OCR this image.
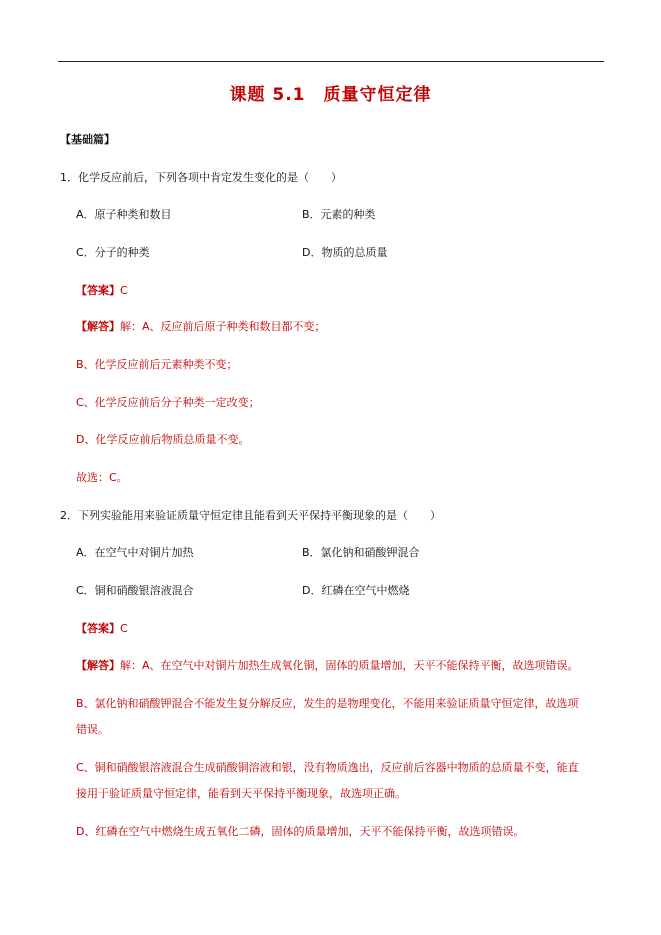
课题 5.1　质量守恒定律
【基础篇】
1．化学反应前后，下列各项中肯定发生变化的是（　　）
A．原子种类和数目	B．元素的种类
C．分子的种类	D．物质的总质量
【答案】C
【解答】解：A、反应前后原子种类和数目都不变；
B、化学反应前后元素种类不变；
C、化学反应前后分子种类一定改变；
D、化学反应前后物质总质量不变。
故选：C。
2．下列实验能用来验证质量守恒定律且能看到天平保持平衡现象的是（　　）
A．在空气中对铜片加热	B．氯化钠和硝酸钾混合
C．铜和硝酸银溶液混合	D．红磷在空气中燃烧
【答案】C
【解答】解：A、在空气中对铜片加热生成氧化铜，固体的质量增加，天平不能保持平衡，故选项错误。
B、氯化钠和硝酸钾混合不能发生复分解反应，发生的是物理变化，不能用来验证质量守恒定律，故选项
错误。
C、铜和硝酸银溶液混合生成硝酸铜溶液和银，没有物质逸出，反应前后容器中物质的总质量不变，能直
接用于验证质量守恒定律，能看到天平保持平衡现象，故选项正确。
D、红磷在空气中燃烧生成五氧化二磷，固体的质量增加，天平不能保持平衡，故选项错误。
